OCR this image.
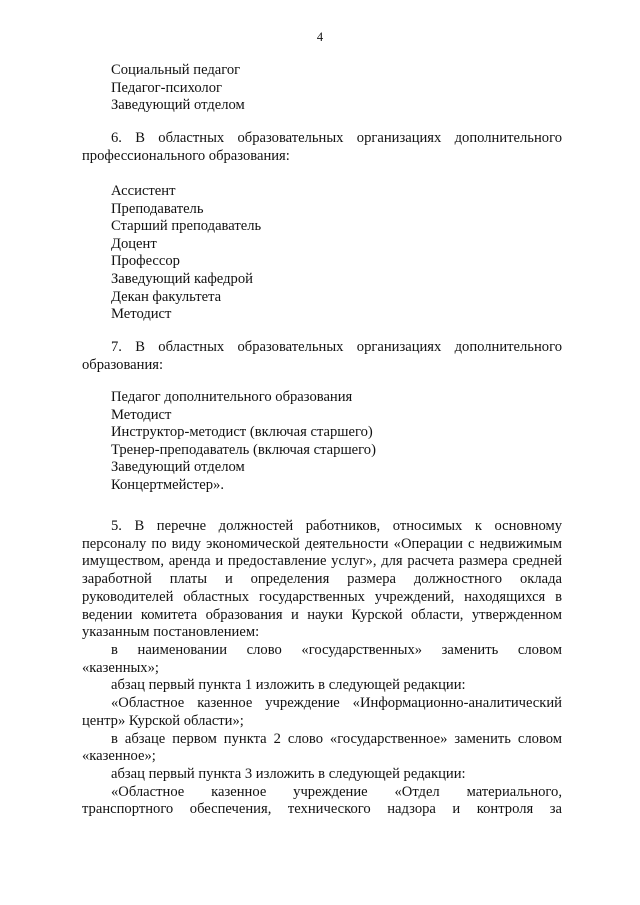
4
Социальный педагог
Педагог-психолог
Заведующий отделом
6. В областных образовательных организациях дополнительного
профессионального образования:
Ассистент
Преподаватель
Старший преподаватель
Доцент
Профессор
Заведующий кафедрой
Декан факультета
Методист
7. В областных образовательных организациях дополнительного
образования:
Педагог дополнительного образования
Методист
Инструктор-методист (включая старшего)
Тренер-преподаватель (включая старшего)
Заведующий отделом
Концертмейстер».
5. В перечне должностей работников, относимых к основному
персоналу по виду экономической деятельности «Операции с недвижимым
имуществом, аренда и предоставление услуг», для расчета размера средней
заработной платы и определения размера должностного оклада
руководителей областных государственных учреждений, находящихся в
ведении комитета образования и науки Курской области, утвержденном
указанным постановлением:
в наименовании слово «государственных» заменить словом
«казенных»;
абзац первый пункта 1 изложить в следующей редакции:
«Областное казенное учреждение «Информационно-аналитический
центр» Курской области»;
в абзаце первом пункта 2 слово «государственное» заменить словом
«казенное»;
абзац первый пункта 3 изложить в следующей редакции:
«Областное казенное учреждение «Отдел материального,
транспортного обеспечения, технического надзора и контроля за
